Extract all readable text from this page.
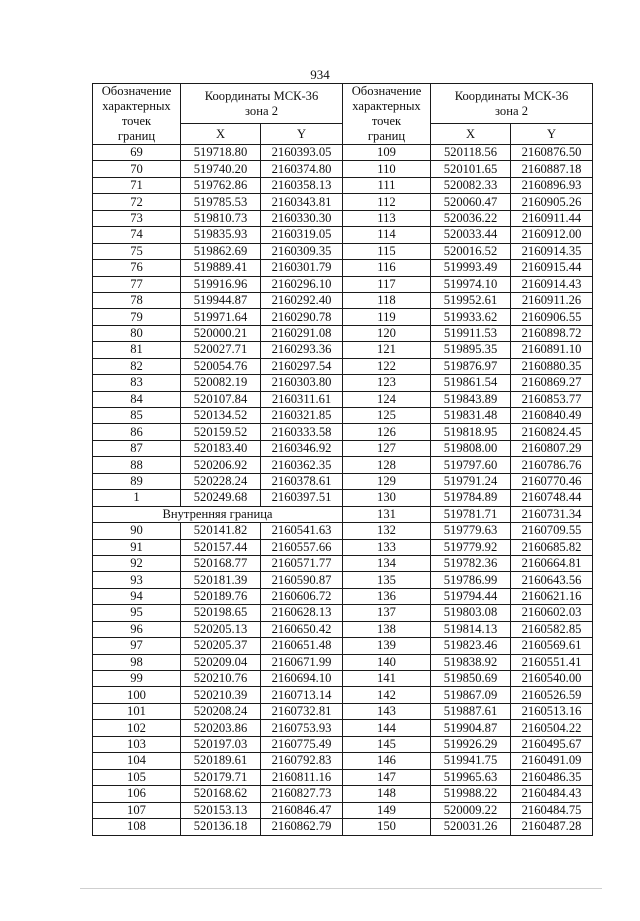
934
Обозначение
характерных
точек
границ	Координаты МСК-36
зона 2	
	X	Y
69	519718.80	2160393.05
70	519740.20	2160374.80
71	519762.86	2160358.13
72	519785.53	2160343.81
73	519810.73	2160330.30
74	519835.93	2160319.05
75	519862.69	2160309.35
76	519889.41	2160301.79
77	519916.96	2160296.10
78	519944.87	2160292.40
79	519971.64	2160290.78
80	520000.21	2160291.08
81	520027.71	2160293.36
82	520054.76	2160297.54
83	520082.19	2160303.80
84	520107.84	2160311.61
85	520134.52	2160321.85
86	520159.52	2160333.58
87	520183.40	2160346.92
88	520206.92	2160362.35
89	520228.24	2160378.61
1	520249.68	2160397.51
Внутренняя граница		
90	520141.82	2160541.63
91	520157.44	2160557.66
92	520168.77	2160571.77
93	520181.39	2160590.87
94	520189.76	2160606.72
95	520198.65	2160628.13
96	520205.13	2160650.42
97	520205.37	2160651.48
98	520209.04	2160671.99
99	520210.76	2160694.10
100	520210.39	2160713.14
101	520208.24	2160732.81
102	520203.86	2160753.93
103	520197.03	2160775.49
104	520189.61	2160792.83
105	520179.71	2160811.16
106	520168.62	2160827.73
107	520153.13	2160846.47
108	520136.18	2160862.79
Обозначение
характерных
точек
границ	Координаты МСК-36
зона 2	
	X	Y
109	520118.56	2160876.50
110	520101.65	2160887.18
111	520082.33	2160896.93
112	520060.47	2160905.26
113	520036.22	2160911.44
114	520033.44	2160912.00
115	520016.52	2160914.35
116	519993.49	2160915.44
117	519974.10	2160914.43
118	519952.61	2160911.26
119	519933.62	2160906.55
120	519911.53	2160898.72
121	519895.35	2160891.10
122	519876.97	2160880.35
123	519861.54	2160869.27
124	519843.89	2160853.77
125	519831.48	2160840.49
126	519818.95	2160824.45
127	519808.00	2160807.29
128	519797.60	2160786.76
129	519791.24	2160770.46
130	519784.89	2160748.44
131	519781.71	2160731.34
132	519779.63	2160709.55
133	519779.92	2160685.82
134	519782.36	2160664.81
135	519786.99	2160643.56
136	519794.44	2160621.16
137	519803.08	2160602.03
138	519814.13	2160582.85
139	519823.46	2160569.61
140	519838.92	2160551.41
141	519850.69	2160540.00
142	519867.09	2160526.59
143	519887.61	2160513.16
144	519904.87	2160504.22
145	519926.29	2160495.67
146	519941.75	2160491.09
147	519965.63	2160486.35
148	519988.22	2160484.43
149	520009.22	2160484.75
150	520031.26	2160487.28
